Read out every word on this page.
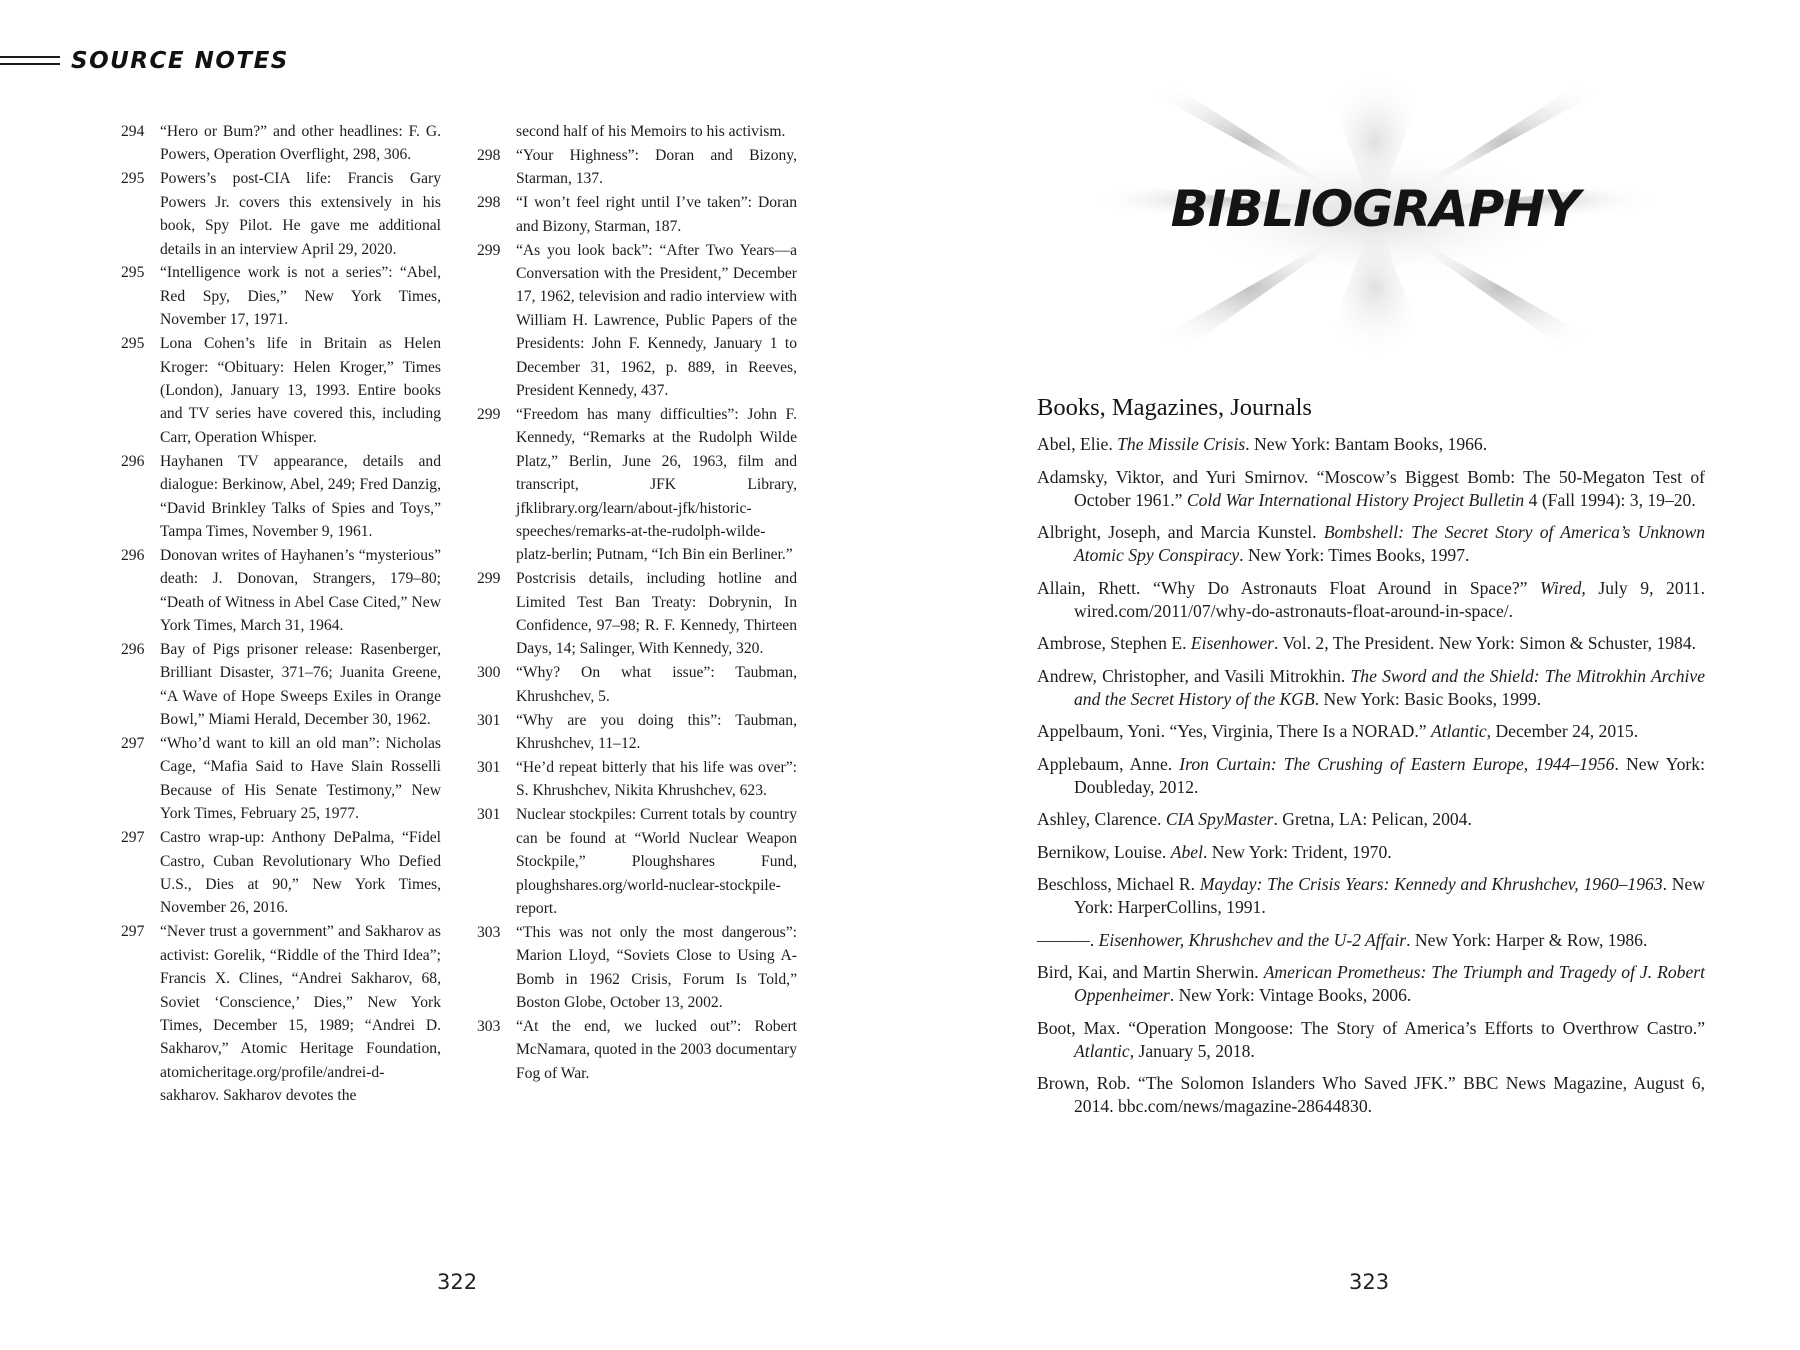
SOURCE NOTES
294	“Hero or Bum?” and other headlines: F. G. Powers, Operation Overflight, 298, 306.
295	Powers’s post-CIA life: Francis Gary Powers Jr. covers this extensively in his book, Spy Pilot. He gave me additional details in an interview April 29, 2020.
295	“Intelligence work is not a series”: “Abel, Red Spy, Dies,” New York Times, November 17, 1971.
295	Lona Cohen’s life in Britain as Helen Kroger: “Obituary: Helen Kroger,” Times (London), January 13, 1993. Entire books and TV series have covered this, including Carr, Operation Whisper.
296	Hayhanen TV appearance, details and dialogue: Berkinow, Abel, 249; Fred Danzig, “David Brinkley Talks of Spies and Toys,” Tampa Times, November 9, 1961.
296	Donovan writes of Hayhanen’s “mysterious” death: J. Donovan, Strangers, 179–80; “Death of Witness in Abel Case Cited,” New York Times, March 31, 1964.
296	Bay of Pigs prisoner release: Rasenberger, Brilliant Disaster, 371–76; Juanita Greene, “A Wave of Hope Sweeps Exiles in Orange Bowl,” Miami Herald, December 30, 1962.
297	“Who’d want to kill an old man”: Nicholas Cage, “Mafia Said to Have Slain Rosselli Because of His Senate Testimony,” New York Times, February 25, 1977.
297	Castro wrap-up: Anthony DePalma, “Fidel Castro, Cuban Revolutionary Who Defied U.S., Dies at 90,” New York Times, November 26, 2016.
297	“Never trust a government” and Sakharov as activist: Gorelik, “Riddle of the Third Idea”; Francis X. Clines, “Andrei Sakharov, 68, Soviet ‘Conscience,’ Dies,” New York Times, December 15, 1989; “Andrei D. Sakharov,” Atomic Heritage Foundation, atomicheritage.org/profile/andrei-d-sakharov. Sakharov devotes the
second half of his Memoirs to his activism.
298	“Your Highness”: Doran and Bizony, Starman, 137.
298	“I won’t feel right until I’ve taken”: Doran and Bizony, Starman, 187.
299	“As you look back”: “After Two Years—a Conversation with the President,” December 17, 1962, television and radio interview with William H. Lawrence, Public Papers of the Presidents: John F. Kennedy, January 1 to December 31, 1962, p. 889, in Reeves, President Kennedy, 437.
299	“Freedom has many difficulties”: John F. Kennedy, “Remarks at the Rudolph Wilde Platz,” Berlin, June 26, 1963, film and transcript, JFK Library, jfklibrary.org/learn/about-jfk/historic-speeches/remarks-at-the-rudolph-wilde-platz-berlin; Putnam, “Ich Bin ein Berliner.”
299	Postcrisis details, including hotline and Limited Test Ban Treaty: Dobrynin, In Confidence, 97–98; R. F. Kennedy, Thirteen Days, 14; Salinger, With Kennedy, 320.
300	“Why? On what issue”: Taubman, Khrushchev, 5.
301	“Why are you doing this”: Taubman, Khrushchev, 11–12.
301	“He’d repeat bitterly that his life was over”: S. Khrushchev, Nikita Khrushchev, 623.
301	Nuclear stockpiles: Current totals by country can be found at “World Nuclear Weapon Stockpile,” Ploughshares Fund, ploughshares.org/world-nuclear-stockpile-report.
303	“This was not only the most dangerous”: Marion Lloyd, “Soviets Close to Using A-Bomb in 1962 Crisis, Forum Is Told,” Boston Globe, October 13, 2002.
303	“At the end, we lucked out”: Robert McNamara, quoted in the 2003 documentary Fog of War.
322
BIBLIOGRAPHY
Books, Magazines, Journals
Abel, Elie. The Missile Crisis. New York: Bantam Books, 1966.
Adamsky, Viktor, and Yuri Smirnov. “Moscow’s Biggest Bomb: The 50-Megaton Test of October 1961.” Cold War International History Project Bulletin 4 (Fall 1994): 3, 19–20.
Albright, Joseph, and Marcia Kunstel. Bombshell: The Secret Story of America’s Unknown Atomic Spy Conspiracy. New York: Times Books, 1997.
Allain, Rhett. “Why Do Astronauts Float Around in Space?” Wired, July 9, 2011. wired.com/2011/07/why-do-astronauts-float-around-in-space/.
Ambrose, Stephen E. Eisenhower. Vol. 2, The President. New York: Simon & Schuster, 1984.
Andrew, Christopher, and Vasili Mitrokhin. The Sword and the Shield: The Mitrokhin Archive and the Secret History of the KGB. New York: Basic Books, 1999.
Appelbaum, Yoni. “Yes, Virginia, There Is a NORAD.” Atlantic, December 24, 2015.
Applebaum, Anne. Iron Curtain: The Crushing of Eastern Europe, 1944–1956. New York: Doubleday, 2012.
Ashley, Clarence. CIA SpyMaster. Gretna, LA: Pelican, 2004.
Bernikow, Louise. Abel. New York: Trident, 1970.
Beschloss, Michael R. Mayday: The Crisis Years: Kennedy and Khrushchev, 1960–1963. New York: HarperCollins, 1991.
———. Eisenhower, Khrushchev and the U-2 Affair. New York: Harper & Row, 1986.
Bird, Kai, and Martin Sherwin. American Prometheus: The Triumph and Tragedy of J. Robert Oppenheimer. New York: Vintage Books, 2006.
Boot, Max. “Operation Mongoose: The Story of America’s Efforts to Overthrow Castro.” Atlantic, January 5, 2018.
Brown, Rob. “The Solomon Islanders Who Saved JFK.” BBC News Magazine, August 6, 2014. bbc.com/news/magazine-28644830.
323
